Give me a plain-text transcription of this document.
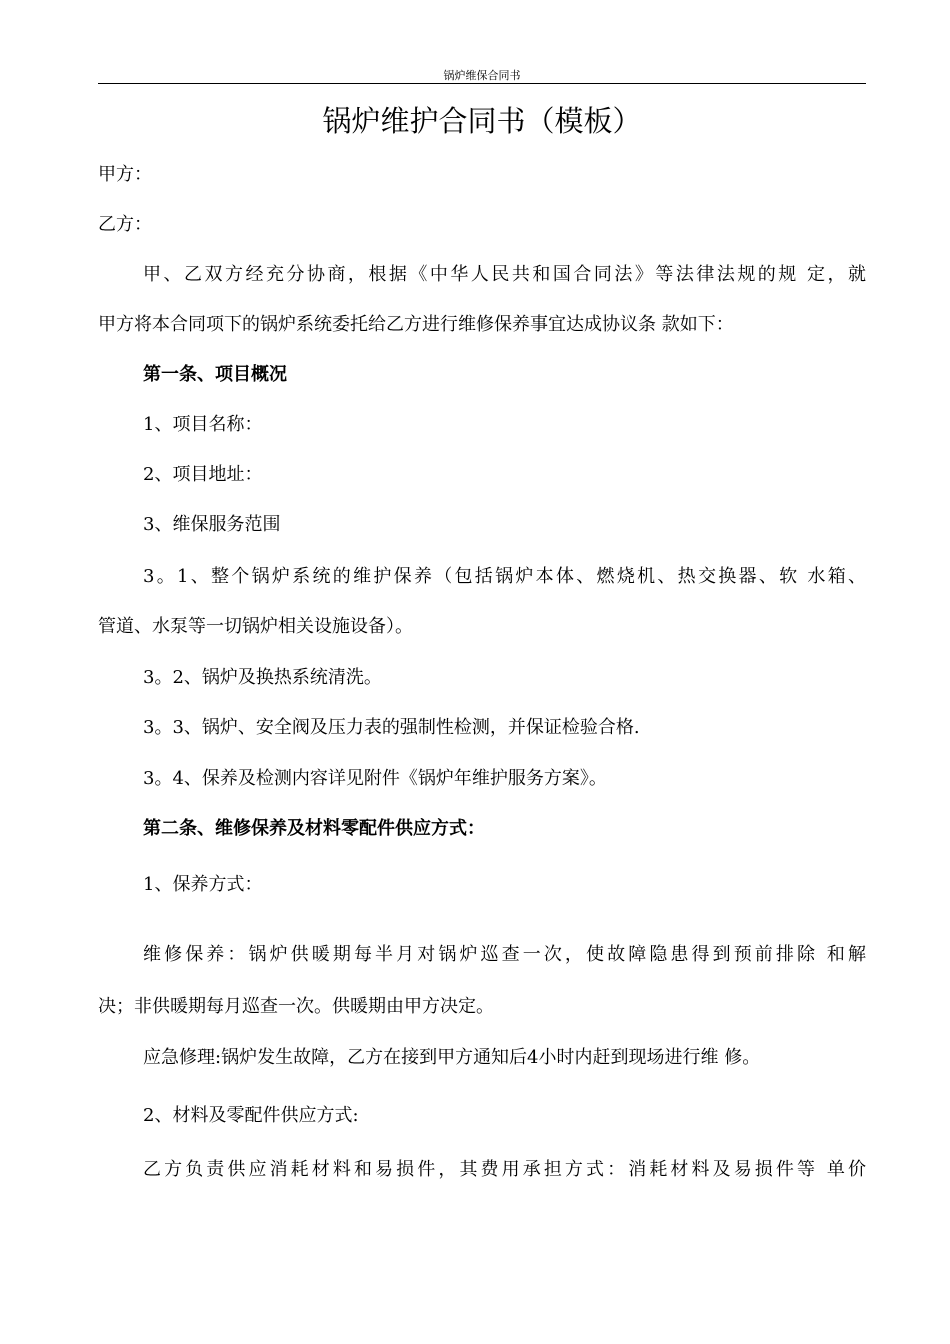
锅炉维保合同书
锅炉维护合同书（模板）
甲方：
乙方：
甲、乙双方经充分协商，根据《中华人民共和国合同法》等法律法规的规 定，就
甲方将本合同项下的锅炉系统委托给乙方进行维修保养事宜达成协议条 款如下：
第一条、项目概况
1、项目名称：
2、项目地址：
3、维保服务范围
3。1、整个锅炉系统的维护保养（包括锅炉本体、燃烧机、热交换器、软 水箱、
管道、水泵等一切锅炉相关设施设备）。
3。2、锅炉及换热系统清洗。
3。3、锅炉、安全阀及压力表的强制性检测，并保证检验合格.
3。4、保养及检测内容详见附件《锅炉年维护服务方案》。
第二条、维修保养及材料零配件供应方式：
1、保养方式：
维修保养：锅炉供暖期每半月对锅炉巡查一次，使故障隐患得到预前排除 和解
决；非供暖期每月巡查一次。供暖期由甲方决定。
应急修理:锅炉发生故障，乙方在接到甲方通知后4小时内赶到现场进行维 修。
2、材料及零配件供应方式:
乙方负责供应消耗材料和易损件，其费用承担方式：消耗材料及易损件等 单价
